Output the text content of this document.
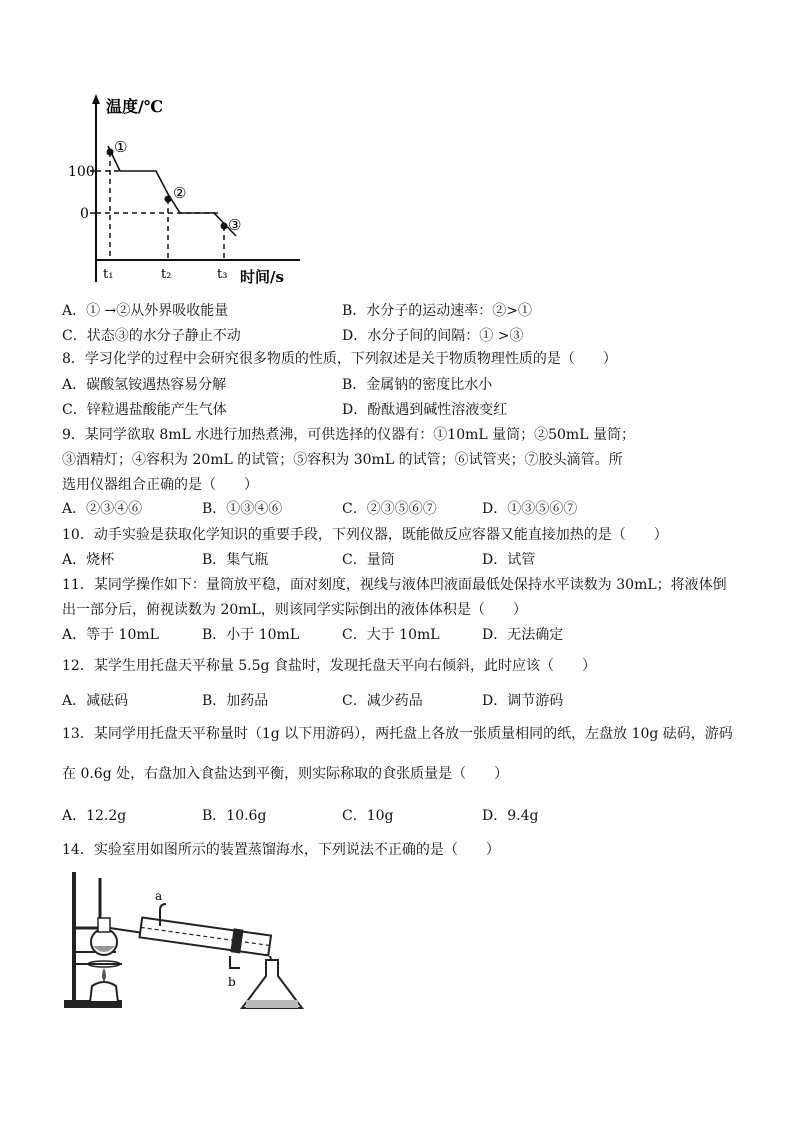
温度/℃
100
0
①
②
③
t₁	t₂	t₃ 时间/s
A．① →②从外界吸收能量	B．水分子的运动速率：②>①
C．状态③的水分子静止不动	D．水分子间的间隔：① >③
8．学习化学的过程中会研究很多物质的性质，下列叙述是关于物质物理性质的是（　　）
A．碳酸氢铵遇热容易分解	B．金属钠的密度比水小
C．锌粒遇盐酸能产生气体	D．酚酞遇到碱性溶液变红
9．某同学欲取 8mL 水进行加热煮沸，可供选择的仪器有：①10mL 量筒；②50mL 量筒；
③酒精灯；④容积为 20mL 的试管；⑤容积为 30mL 的试管；⑥试管夹；⑦胶头滴管。所
选用仪器组合正确的是（　　）
A．②③④⑥	B．①③④⑥	C．②③⑤⑥⑦	D．①③⑤⑥⑦
10．动手实验是获取化学知识的重要手段，下列仪器，既能做反应容器又能直接加热的是（　　）
A．烧杯	B．集气瓶	C．量筒	D．试管
11．某同学操作如下：量筒放平稳，面对刻度，视线与液体凹液面最低处保持水平读数为 30mL；将液体倒
出一部分后，俯视读数为 20mL，则该同学实际倒出的液体体积是（　　）
A．等于 10mL	B．小于 10mL	C．大于 10mL	D．无法确定
12．某学生用托盘天平称量 5.5g 食盐时，发现托盘天平向右倾斜，此时应该（　　）
A．减砝码	B．加药品	C．减少药品	D．调节游码
13．某同学用托盘天平称量时（1g 以下用游码），两托盘上各放一张质量相同的纸，左盘放 10g 砝码，游码
在 0.6g 处，右盘加入食盐达到平衡，则实际称取的食张质量是（　　）
A．12.2g	B．10.6g	C．10g	D．9.4g
14．实验室用如图所示的装置蒸馏海水，下列说法不正确的是（　　）
a
b
